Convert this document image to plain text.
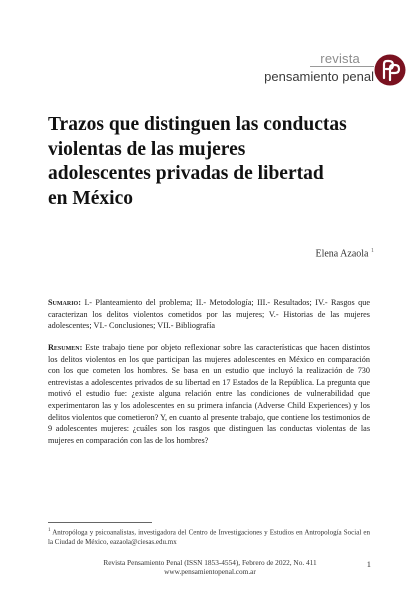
revista
pensamiento penal
Trazos que distinguen las conductas violentas de las mujeres adolescentes privadas de libertad en México
Elena Azaola $^1$

Sumario: I.- Planteamiento del problema; II.- Metodología; III.- Resultados; IV.- Rasgos que caracterizan los delitos violentos cometidos por las mujeres; V.- Historias de las mujeres adolescentes; VI.- Conclusiones; VII.- Bibliografía

Resumen: Este trabajo tiene por objeto reflexionar sobre las características que hacen distintos los delitos violentos en los que participan las mujeres adolescentes en México en comparación con los que cometen los hombres. Se basa en un estudio que incluyó la realización de 730 entrevistas a adolescentes privados de su libertad en 17 Estados de la República. La pregunta que motivó el estudio fue: ¿existe alguna relación entre las condiciones de vulnerabilidad que experimentaron las y los adolescentes en su primera infancia (Adverse Child Experiences) y los delitos violentos que cometieron? Y, en cuanto al presente trabajo, que contiene los testimonios de 9 adolescentes mujeres: ¿cuáles son los rasgos que distinguen las conductas violentas de las mujeres en comparación con las de los hombres?

$^1$ Antropóloga y psicoanalistas, investigadora del Centro de Investigaciones y Estudios en Antropología Social en la Ciudad de México, eazaola@ciesas.edu.mx

Revista Pensamiento Penal (ISSN 1853-4554), Febrero de 2022, No. 411
www.pensamientopenal.com.ar
1
